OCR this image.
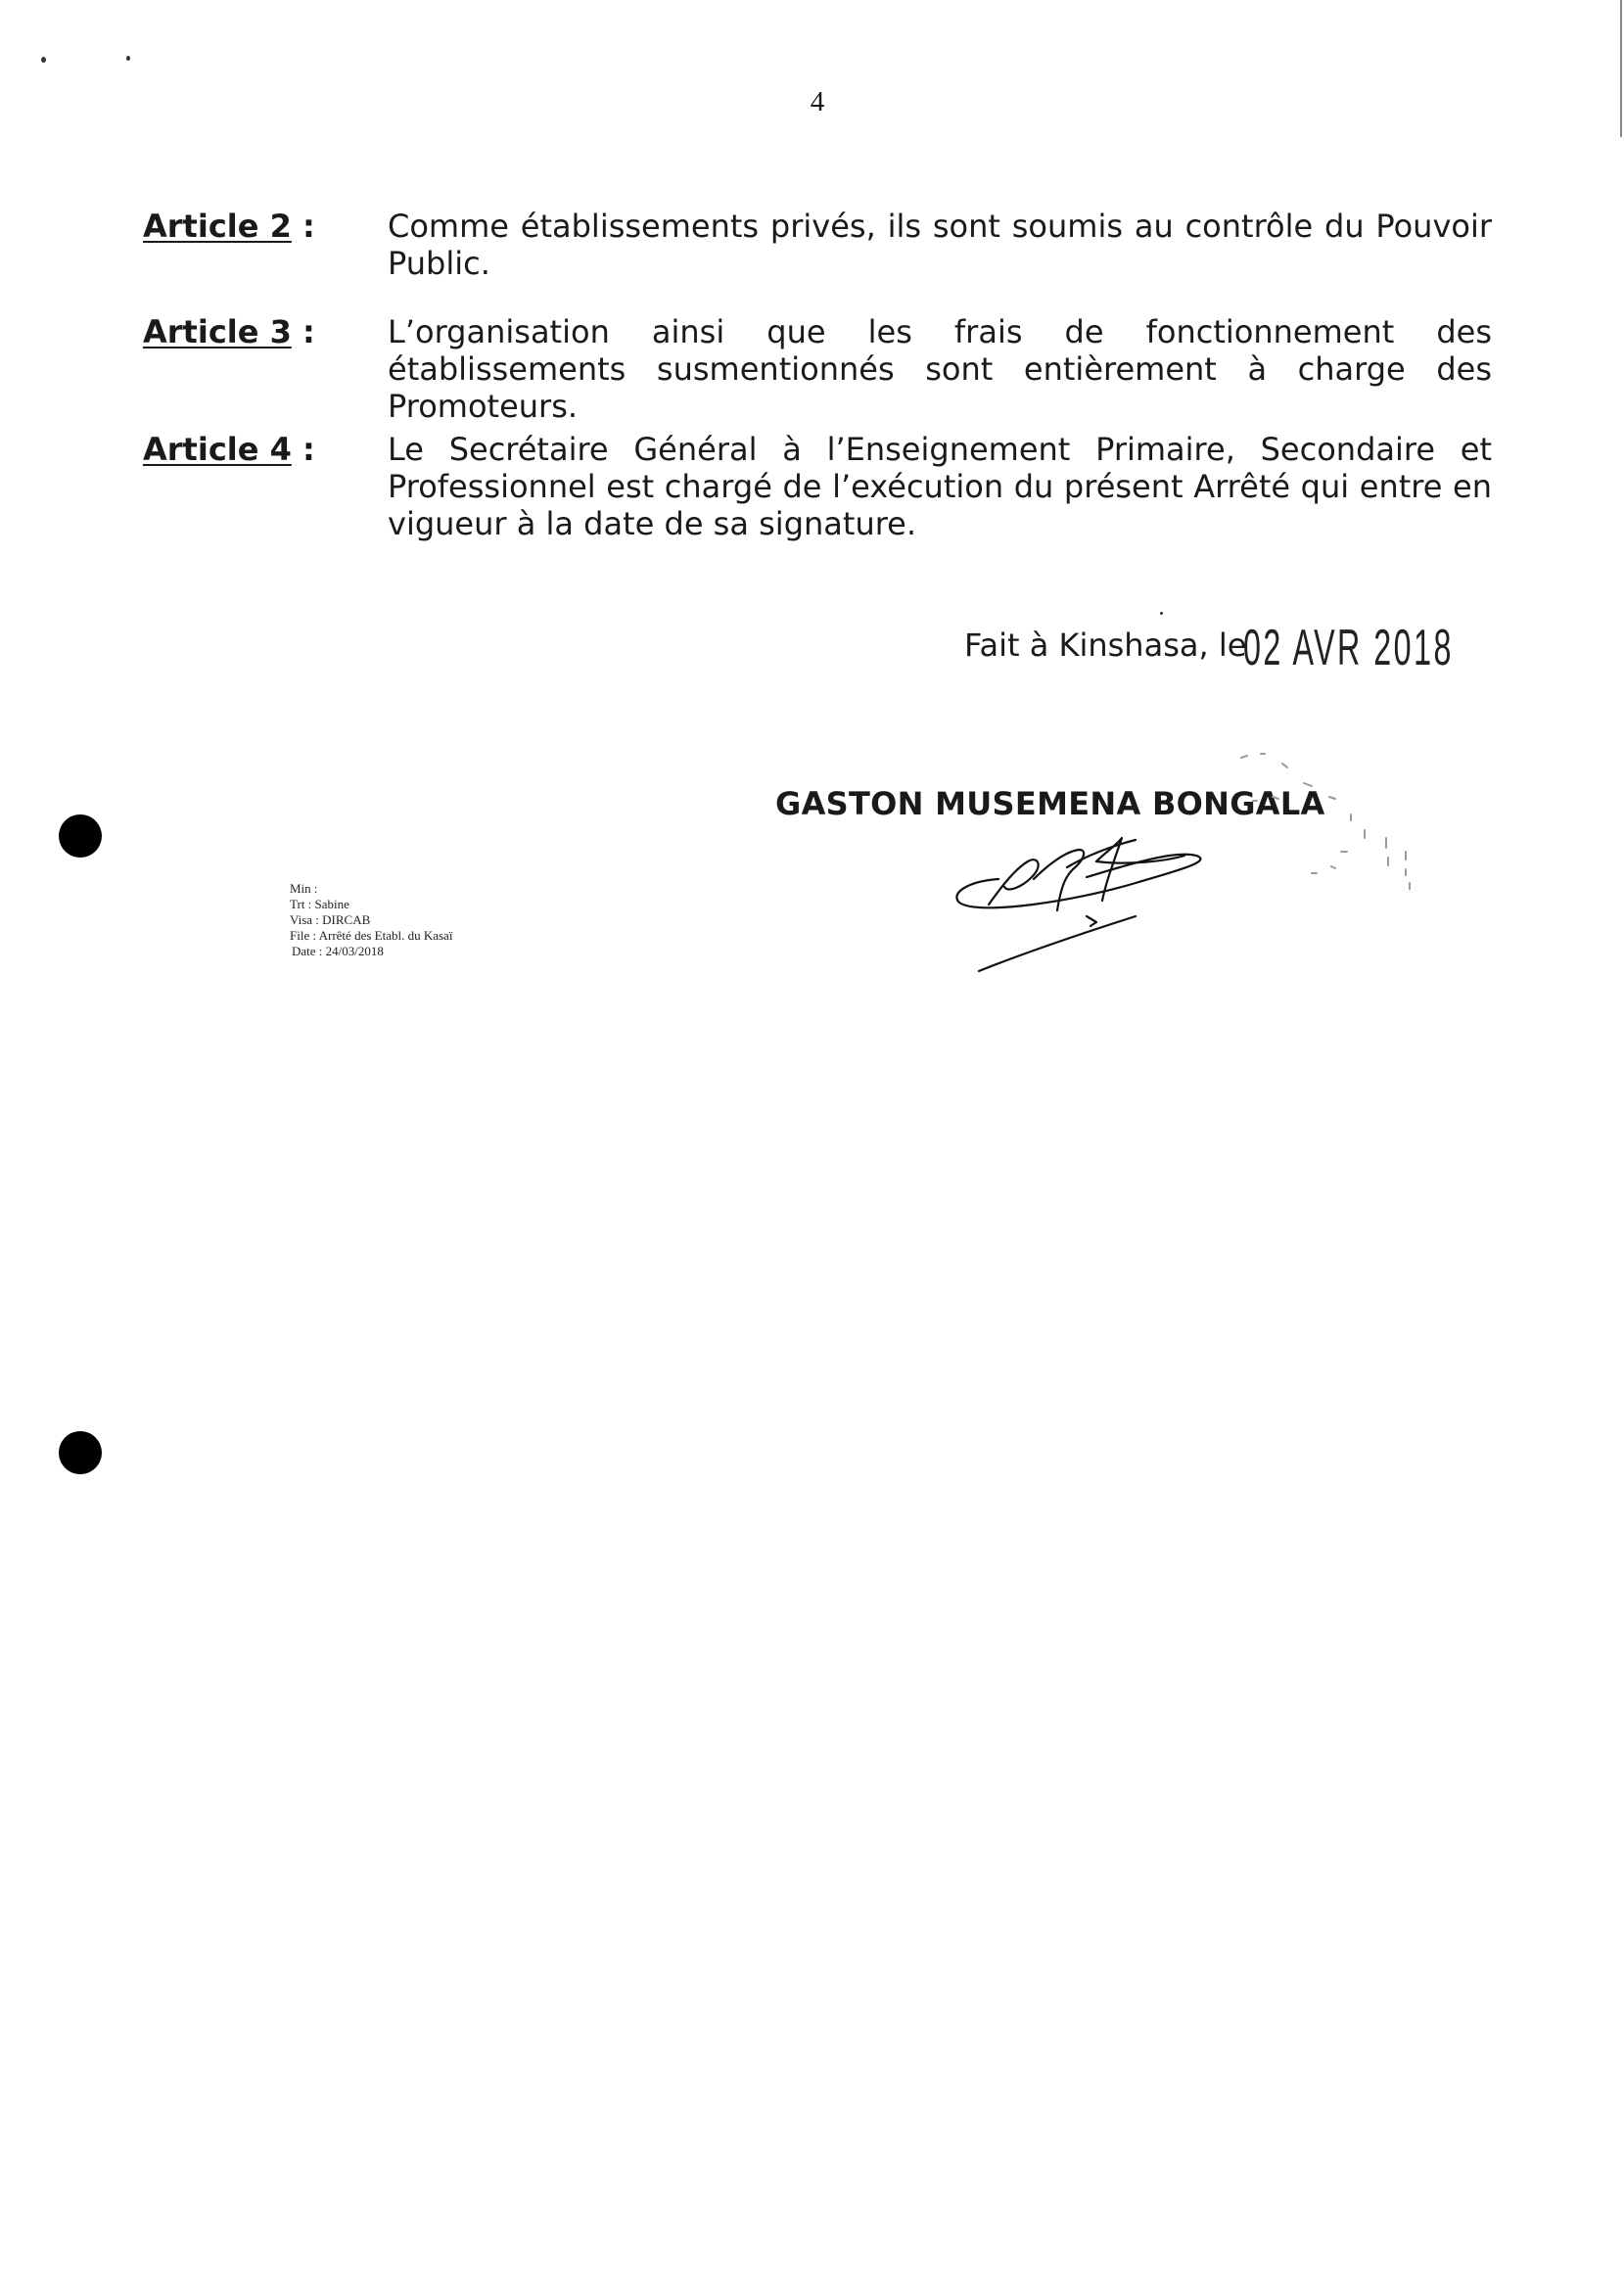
4
Article 2 : Comme établissements privés, ils sont soumis au contrôle du Pouvoir Public.
Article 3 : L’organisation ainsi que les frais de fonctionnement des établissements susmentionnés sont entièrement à charge des Promoteurs.
Article 4 : Le Secrétaire Général à l’Enseignement Primaire, Secondaire et Professionnel est chargé de l’exécution du présent Arrêté qui entre en vigueur à la date de sa signature.
Fait à Kinshasa, le
02 AVR 2018
GASTON MUSEMENA BONGALA
Min :
Trt : Sabine
Visa : DIRCAB
File : Arrêté des Etabl. du Kasaï
Date : 24/03/2018
